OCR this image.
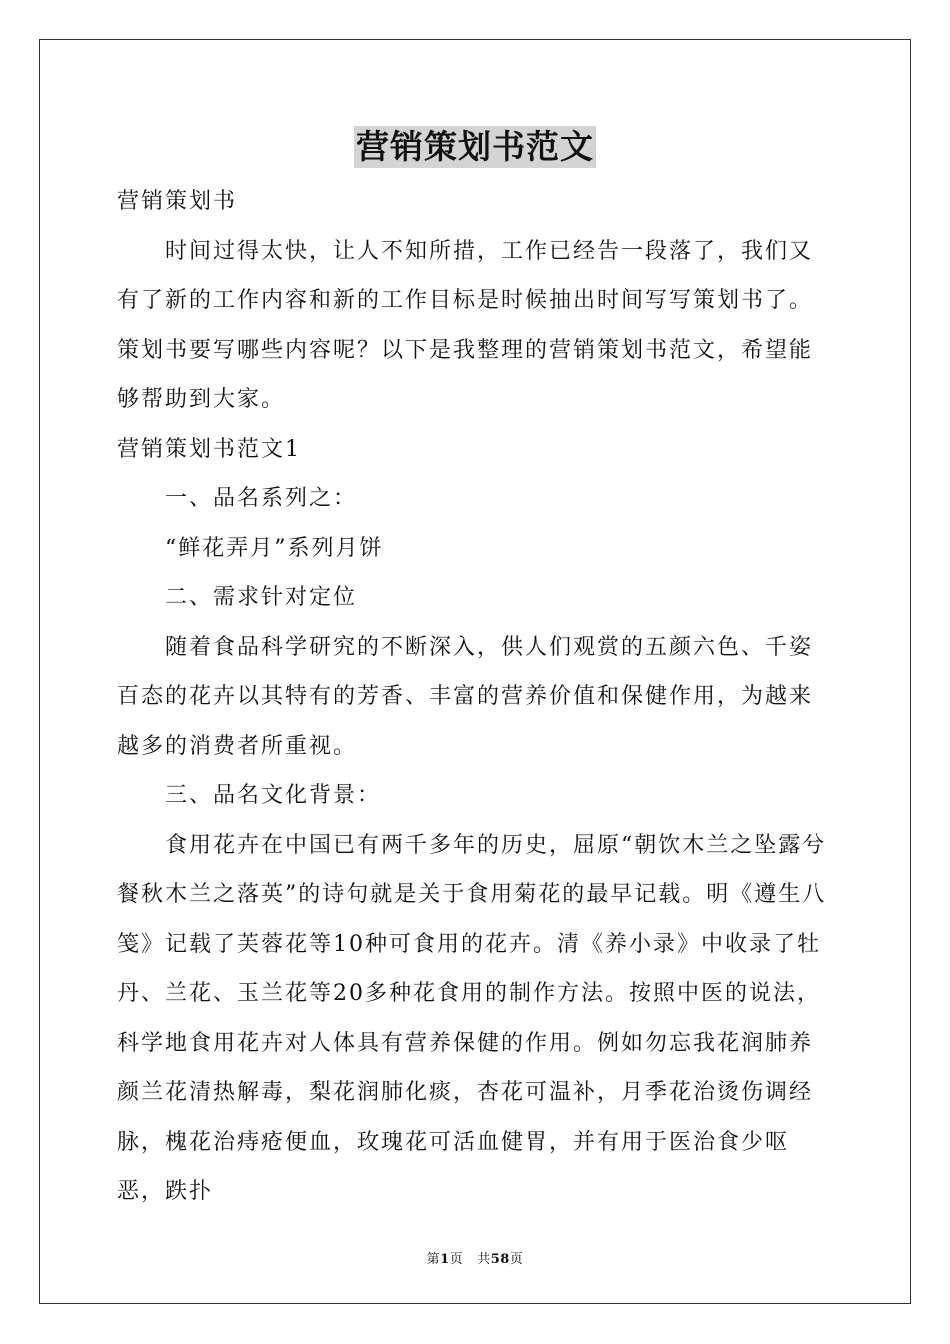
营销策划书范文

营销策划书

时间过得太快，让人不知所措，工作已经告一段落了，我们又有了新的工作内容和新的工作目标是时候抽出时间写写策划书了。策划书要写哪些内容呢？以下是我整理的营销策划书范文，希望能够帮助到大家。

营销策划书范文1

一、品名系列之：

“鲜花弄月”系列月饼

二、需求针对定位

随着食品科学研究的不断深入，供人们观赏的五颜六色、千姿百态的花卉以其特有的芳香、丰富的营养价值和保健作用，为越来越多的消费者所重视。

三、品名文化背景：

食用花卉在中国已有两千多年的历史，屈原“朝饮木兰之坠露兮餐秋木兰之落英”的诗句就是关于食用菊花的最早记载。明《遵生八笺》记载了芙蓉花等10种可食用的花卉。清《养小录》中收录了牡丹、兰花、玉兰花等20多种花食用的制作方法。按照中医的说法，科学地食用花卉对人体具有营养保健的作用。例如勿忘我花润肺养颜兰花清热解毒，梨花润肺化痰，杏花可温补，月季花治烫伤调经脉，槐花治痔疮便血，玫瑰花可活血健胃，并有用于医治食少呕恶，跌扑

第1页 共58页
